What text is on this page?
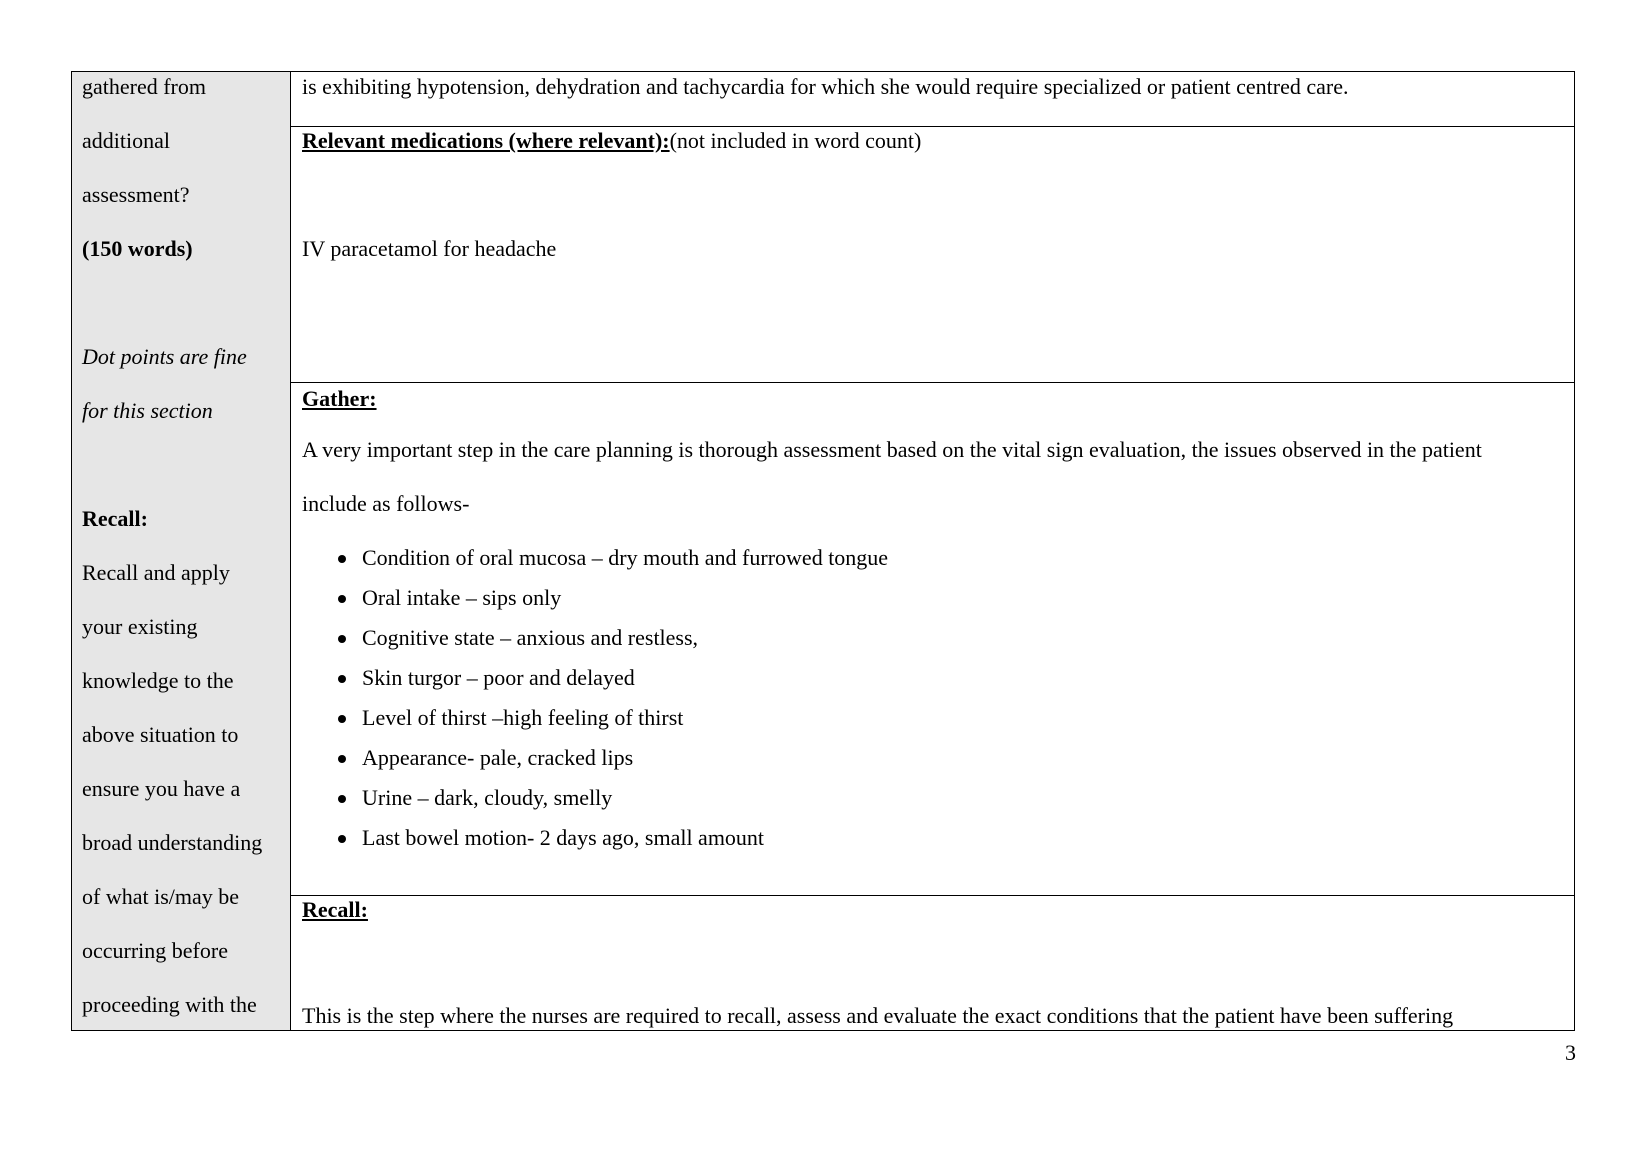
gathered from
additional
assessment?
(150 words)
Dot points are fine
for this section
Recall:
Recall and apply
your existing
knowledge to the
above situation to
ensure you have a
broad understanding
of what is/may be
occurring before
proceeding with the
is exhibiting hypotension, dehydration and tachycardia for which she would require specialized or patient centred care.
Relevant medications (where relevant):(not included in word count)
IV paracetamol for headache
Gather:
A very important step in the care planning is thorough assessment based on the vital sign evaluation, the issues observed in the patient
include as follows-
Condition of oral mucosa – dry mouth and furrowed tongue
Oral intake – sips only
Cognitive state – anxious and restless,
Skin turgor – poor and delayed
Level of thirst –high feeling of thirst
Appearance- pale, cracked lips
Urine – dark, cloudy, smelly
Last bowel motion- 2 days ago, small amount
Recall:
This is the step where the nurses are required to recall, assess and evaluate the exact conditions that the patient have been suffering
3
